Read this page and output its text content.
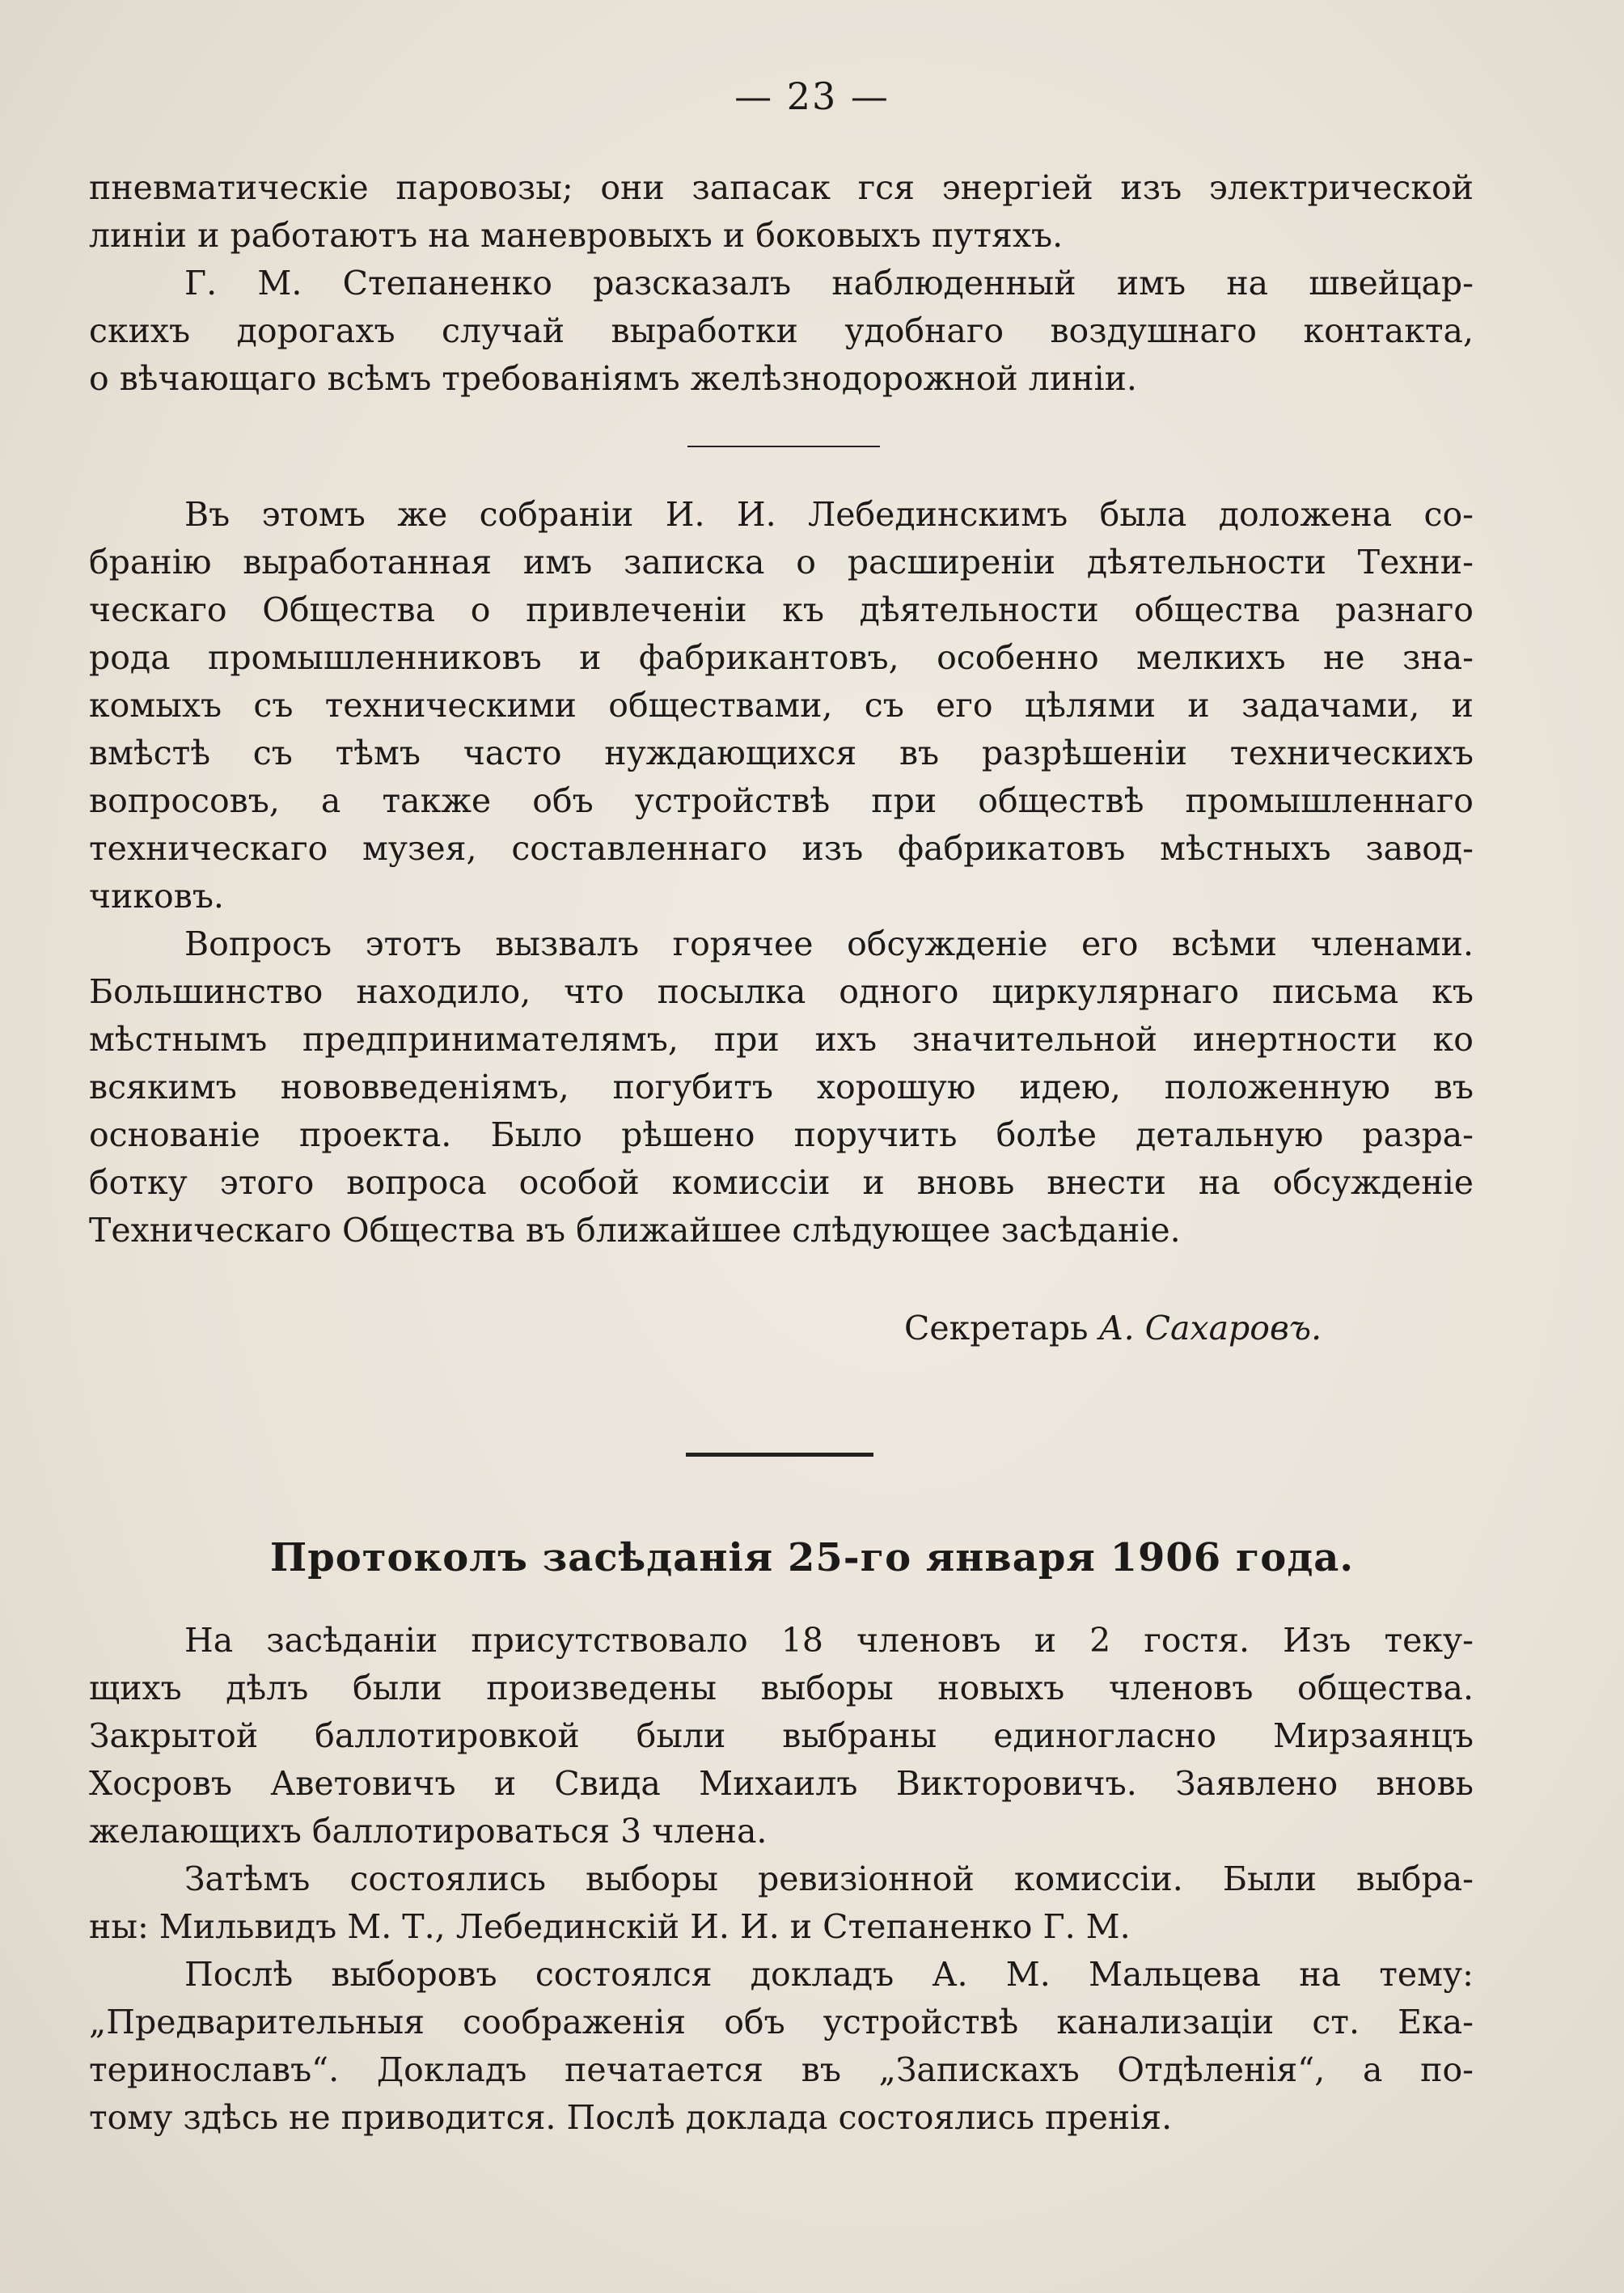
— 23 —
пневматическіе паровозы; они запасак гся энергіей изъ электрической
линіи и работаютъ на маневровыхъ и боковыхъ путяхъ.
Г. М. Степаненко разсказалъ наблюденный имъ на швейцар-
скихъ дорогахъ случай выработки удобнаго воздушнаго контакта,
о вѣчающаго всѣмъ требованіямъ желѣзнодорожной линіи.
Въ этомъ же собраніи И. И. Лебединскимъ была доложена со-
бранію выработанная имъ записка о расширеніи дѣятельности Техни-
ческаго Общества о привлеченіи къ дѣятельности общества разнаго
рода промышленниковъ и фабрикантовъ, особенно мелкихъ не зна-
комыхъ съ техническими обществами, съ его цѣлями и задачами, и
вмѣстѣ съ тѣмъ часто нуждающихся въ разрѣшеніи техническихъ
вопросовъ, а также объ устройствѣ при обществѣ промышленнаго
техническаго музея, составленнаго изъ фабрикатовъ мѣстныхъ завод-
чиковъ.
Вопросъ этотъ вызвалъ горячее обсужденіе его всѣми членами.
Большинство находило, что посылка одного циркулярнаго письма къ
мѣстнымъ предпринимателямъ, при ихъ значительной инертности ко
всякимъ нововведеніямъ, погубитъ хорошую идею, положенную въ
основаніе проекта. Было рѣшено поручить болѣе детальную разра-
ботку этого вопроса особой комиссіи и вновь внести на обсужденіе
Техническаго Общества въ ближайшее слѣдующее засѣданіе.
Секретарь А. Сахаровъ.
Протоколъ засѣданія 25-го января 1906 года.
На засѣданіи присутствовало 18 членовъ и 2 гостя. Изъ теку-
щихъ дѣлъ были произведены выборы новыхъ членовъ общества.
Закрытой баллотировкой были выбраны единогласно Мирзаянцъ
Хосровъ Аветовичъ и Свида Михаилъ Викторовичъ. Заявлено вновь
желающихъ баллотироваться 3 члена.
Затѣмъ состоялись выборы ревизіонной комиссіи. Были выбра-
ны: Мильвидъ М. Т., Лебединскій И. И. и Степаненко Г. М.
Послѣ выборовъ состоялся докладъ А. М. Мальцева на тему:
„Предварительныя соображенія объ устройствѣ канализаціи ст. Ека-
теринославъ“. Докладъ печатается въ „Запискахъ Отдѣленія“, а по-
тому здѣсь не приводится. Послѣ доклада состоялись пренія.
